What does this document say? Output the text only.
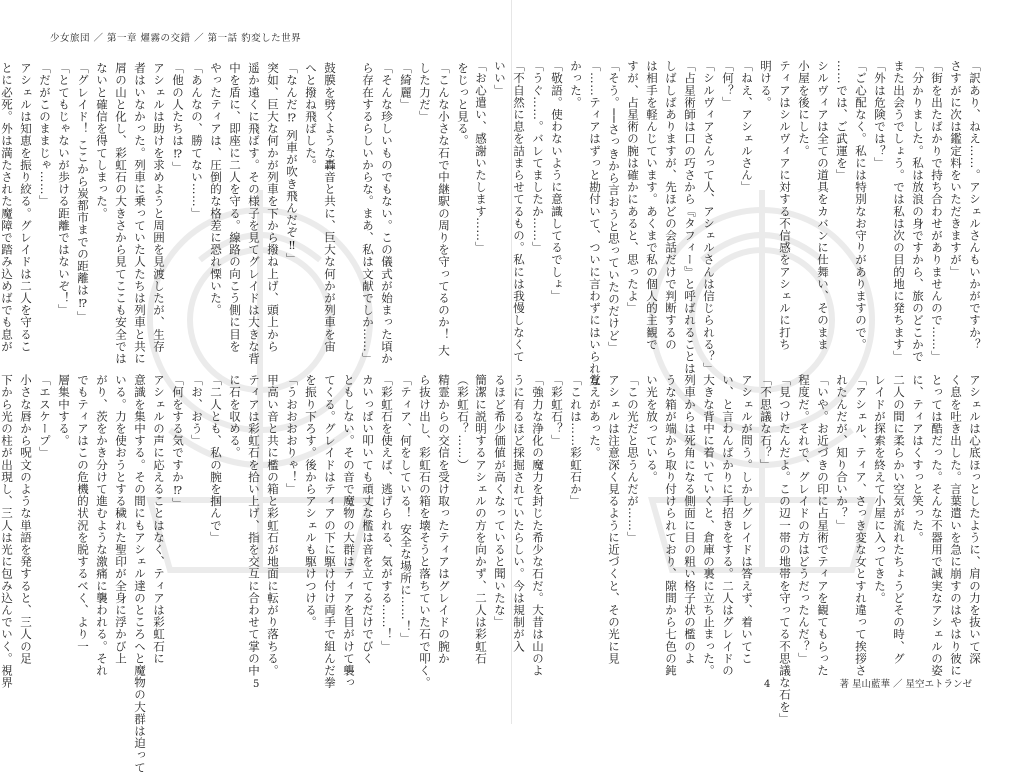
少女旅団 ／ 第一章 燿霧の交錯 ／ 第一話 豹変した世界
をじっと見る。
「こんな小さな石で中継駅の周りを守ってるのか！ 大
した力だ」
「綺麗」
「そんな珍しいものでもない。この儀式が始まった頃か
ら存在するらしいからな。まあ、私は文献でしか……」

鼓膜を劈くような轟音と共に、巨大な何かが列車を宙
へと撥ね飛ばした。
「なんだ⁉ 列車が吹き飛んだぞ‼」
突如、巨大な何かが列車を下から撥ね上げ、頭上から
遥か遠くに飛ばす。その様子を見てグレイドは大きな背
中を盾に、即座に二人を守る。線路の向こう側に目を
やったティアは、圧倒的な格差に恐れ慄いた。
「あんなの、勝てない……」
「他の人たちは⁉」
アシェルは助けを求めようと周囲を見渡したが、生存
者はいなかった。列車に乗っていた人たちは列車と共に
屑の山と化し、彩虹石の大きさから見てここも安全では
ないと確信を得てしまった。
「グレイド！ ここから炭都市までの距離は⁉」
「とてもじゃないが歩ける距離ではないぞ！」
「だがこのままじゃ……」
アシェルは知恵を振り絞る。グレイドは二人を守るこ
とに必死。外は満たされた魔障で踏み込めばでも息が

（彩虹石？……）
精霊からの交信を受け取ったティアはグレイドの腕か
ら抜け出し、彩虹石の箱を壊そうと落ちていた石で叩く。
「ティア、何をしている！ 安全な場所に……！」
「彩虹石を使えば、逃げられる、気がする……！」
カいっぱい叩いても頑丈な檻は音を立てるだけでびく
ともしない。その音で魔物の大群はティアを目がけて襲っ
てくる。グレイドはティアの下に駆け付け両手で組んだ拳
を振り下ろす。後からアシェルも駆けつける。
「うおおおおりゃ！」
甲高い音と共に檻の箱と彩虹石が地面に転がり落ちる。
ティアは彩虹石を拾い上げ、指を交互に合わせて掌の中
に石を収める。
「二人とも、私の腕を掴んで」
「お、おう」
「何をする気ですか⁉」
アシェルの声に応えることはなく、ティアは彩虹石に
意識を集中する。その間にもアシェル達のところへと魔物の大群は迫って
いる。力を使おうとする穢れた聖印が全身に浮かび上
がり、茨をかき分けて進むような激痛に襲われる。それ
でもティアはこの危機的状況を脱するべく、より一
層集中する。
「エスケープ」
小さな唇から呪文のような単語を発すると、三人の足
下から光の柱が出現し、三人は光に包み込んでいく。視界	5
「訳あり、ねえ……。アシェルさんもいかがですか？
さすがに次は鑑定料をいただきますが」
「街を出たばかりで持ち合わせがありませんので……」
「分かりました。私は放浪の身ですから、旅のどこかで
また出会うでしょう。では私は次の目的地に発ちます」
「外は危険では？」
「ご心配なく。私には特別なお守りがありますので。
……では、ご武運を」
シルヴィアは全ての道具をカバンに仕舞い、そのまま
小屋を後にした。
ティアはシルヴィアに対する不信感をアシェルに打ち
明ける。
「ねえ、アシェルさん」
「何？」
「シルヴィアさんって人、アシェルさんは信じられる？」
「占星術師は口の巧さから『タフィー』と呼ばれることは
しばしばありますが、先ほどの会話だけで判断するの
は相手を軽んじています。あくまで私の個人的主観で
すが、占星術の腕は確かにあると、思ったよ」
「そう。──さっきから言おうと思っていたのだけど」
「……ティアはずっと勘付いて、ついに言わずにはいられな
かった。
「敬語。使わないように意識してるでしょ」
「うぐ……。バレてましたか……」
「不自然に息を詰まらせてるもの。私には我慢しなくて
いい」
「お心遣い、感謝いたします……」
アシェルは心底ほっとしたように、肩の力を抜いて深
く息を吐き出した。言葉遣いを急に崩すのはやはり彼に
とっては酷だった。そんな不器用で誠実なアシェルの姿
に、ティアはくすっと笑った。
二人の間に柔らかい空気が流れたちょうどその時、グ
レイドが探索を終えて小屋に入ってきた。
「アシェル、ティア、さっき変な女とすれ違って挨拶さ
れたんだが、知り合いか？」
「いや。お近づきの印に占星術でティアを観てもらった
程度だ。それで、グレイドの方はどうだったんだ？」
「見つけたんだよ。この辺一帯の地帯を守ってる不思議な石を」
「不思議な石？」
アシェルが問う。しかしグレイドは答えず、着いてこ
い、と言わんばかりに手招きをする。二人はグレイドの
大きな背中に着いていくと、倉庫の裏に立ち止まった。
列車からは死角になる側面に目の粗い格子状の檻のよ
うな箱が端から取り付けられており、隙間から七色の鈍
い光を放っている。
「この光だと思うんだが……」
アシェルは注意深く見るように近づくと、その光に見
覚えがあった。
「これは……彩虹石か」
「彩虹石？」
「強力な浄化の魔力を封じた希少な石だ。大昔は山のよ
うに有るほど採掘されていたらしい。今は規制が入
るほど希少価値が高くなっていると聞いたな」
簡潔に説明するアシェルの方を向かず、二人は彩虹石
4	著 星山藍華 ／ 星空エトランゼ
